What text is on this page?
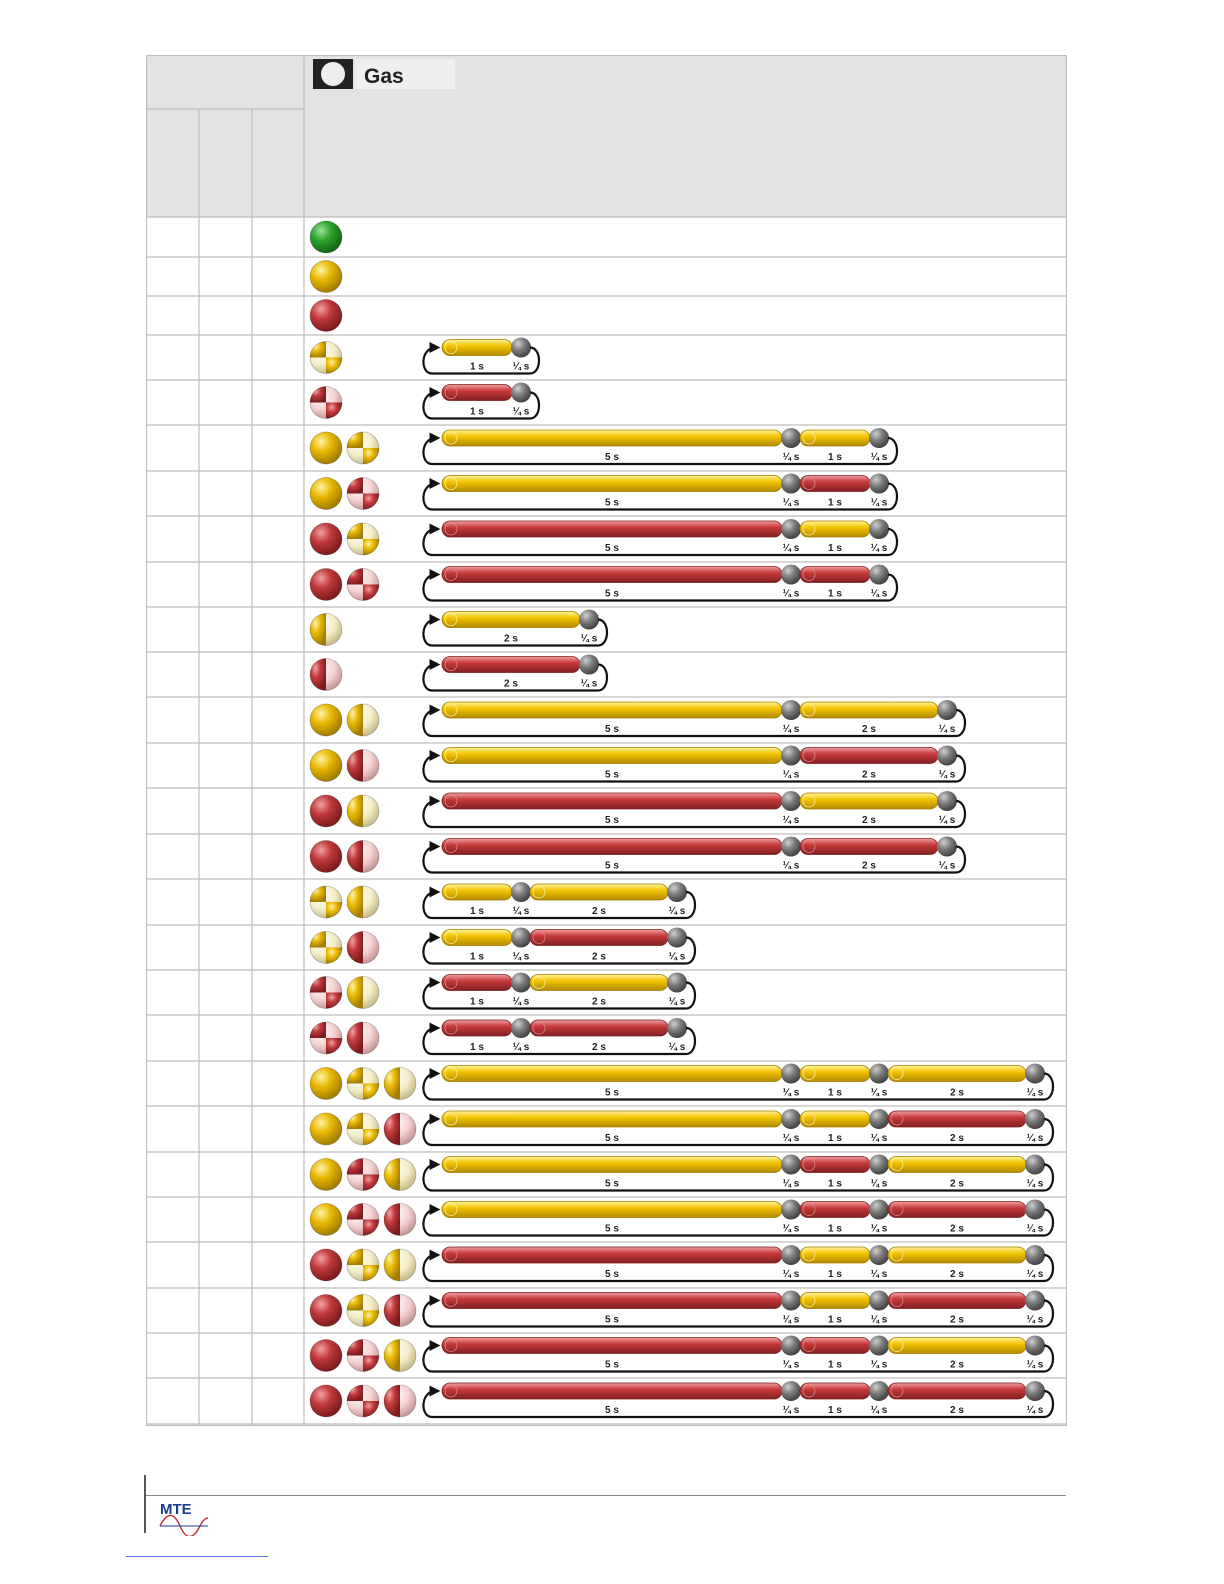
Gas
1 s	¼ s
1 s	¼ s
5 s	¼ s	1 s	¼ s
5 s	¼ s	1 s	¼ s
5 s	¼ s	1 s	¼ s
5 s	¼ s	1 s	¼ s
2 s	¼ s
2 s	¼ s
5 s	¼ s	2 s	¼ s
5 s	¼ s	2 s	¼ s
5 s	¼ s	2 s	¼ s
5 s	¼ s	2 s	¼ s
1 s	¼ s	2 s	¼ s
1 s	¼ s	2 s	¼ s
1 s	¼ s	2 s	¼ s
1 s	¼ s	2 s	¼ s
5 s	¼ s	1 s	¼ s	2 s	¼ s
5 s	¼ s	1 s	¼ s	2 s	¼ s
5 s	¼ s	1 s	¼ s	2 s	¼ s
5 s	¼ s	1 s	¼ s	2 s	¼ s
5 s	¼ s	1 s	¼ s	2 s	¼ s
5 s	¼ s	1 s	¼ s	2 s	¼ s
5 s	¼ s	1 s	¼ s	2 s	¼ s
5 s	¼ s	1 s	¼ s	2 s	¼ s
MTE
